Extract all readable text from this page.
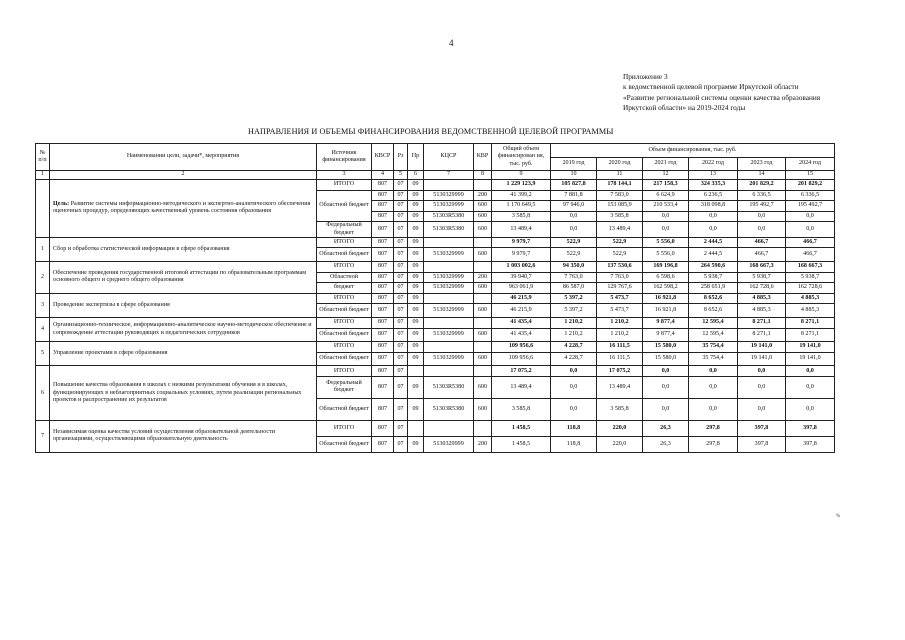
4
Приложение 3
к ведомственной целевой программе Иркутской области «Развитие региональной системы оценки качества образования Иркутской области» на 2019-2024 годы
НАПРАВЛЕНИЯ И ОБЪЕМЫ ФИНАНСИРОВАНИЯ ВЕДОМСТВЕННОЙ ЦЕЛЕВОЙ ПРОГРАММЫ
№ п/п	Наименовании цели, задачи*, мероприятия	Источник финансирования	КВСР	Рз	Пр	КЦСР	КВР	Общий объем финансирован ия, тыс. руб.	Объем финансирования, тыс. руб.					
									2019 год	2020 год	2021 год	2022 год	2023 год	2024 год
1	2	3	4	5	6	7	8	9	10	11	12	13	14	15
	Цель: Развитие системы информационно-методического и экспертно-аналитического обеспечения оценочных процедур, определяющих качественный уровень состояния образования	ИТОГО	807	07	09			1 229 123,9	105 827,8	178 144,1	217 158,3	324 335,3	201 829,2	201 829,2
		Областной бюджет	807	07	09	5130329999	200	41 399,2	7 881,8	7 583,0	6 624,9	6 236,5	6 336,5	6 336,5
			807	07	09	5130329999	600	1 170 649,5	97 946,0	153 085,9	210 533,4	318 098,8	195 492,7	195 492,7
			807	07	09	51303R5380	600	3 585,8	0,0	3 585,8	0,0	0,0	0,0	0,0
		Федеральный бюджет	807	07	09	51303R5380	600	13 489,4	0,0	13 489,4	0,0	0,0	0,0	0,0
1	Сбор и обработка статистической информации в сфере образования	ИТОГО	807	07	09			9 979,7	522,9	522,9	5 556,0	2 444,5	466,7	466,7
		Областной бюджет	807	07	09	5130329999	600	9 979,7	522,9	522,9	5 556,0	2 444,5	466,7	466,7
2	Обеспечение проведения государственной итоговой аттестации по образовательным программам основного общего и среднего общего образования	ИТОГО	807	07	09			1 003 002,6	94 350,0	137 530,6	169 196,8	264 590,6	168 667,3	168 667,3
		Областной	807	07	09	5130329999	200	39 940,7	7 763,0	7 763,0	6 598,6	5 938,7	5 938,7	5 938,7
		бюджет	807	07	09	5130329999	600	963 061,9	86 587,0	129 767,6	162 598,2	258 651,9	162 728,6	162 728,6
3	Проведение экспертизы в сфере образования	ИТОГО	807	07	09			46 215,9	5 397,2	5 473,7	16 921,8	8 652,6	4 885,3	4 885,3
		Областной бюджет	807	07	09	5130329999	600	46 215,9	5 397,2	5 473,7	16 921,8	8 652,6	4 885,3	4 885,3
4	Организационно-техническое, информационно-аналитическое научно-методическое обеспечение и сопровождение аттестации руководящих и педагогических сотрудников	ИТОГО	807	07	09			41 435,4	1 210,2	1 210,2	9 877,4	12 595,4	8 271,1	8 271,1
		Областной бюджет	807	07	09	5130329999	600	41 435,4	1 210,2	1 210,2	9 877,4	12 595,4	8 271,1	8 271,1
5	Управление проектами в сфере образования	ИТОГО	807	07	09			109 956,6	4 228,7	16 111,5	15 580,0	35 754,4	19 141,0	19 141,0
		Областной бюджет	807	07	09	5130329999	600	109 956,6	4 228,7	16 111,5	15 580,0	35 754,4	19 141,0	19 141,0
6	Повышение качества образования в школах с низкими результатами обучения и в школах, функционирующих в неблагоприятных социальных условиях, путем реализации региональных проектов и распространение их результатов	ИТОГО	807	07				17 075,2	0,0	17 075,2	0,0	0,0	0,0	0,0
		Федеральный бюджет	807	07	09	51303R5380	600	13 489,4	0,0	13 489,4	0,0	0,0	0,0	0,0
		Областной бюджет	807	07	09	51303R5380	600	3 585,8	0,0	3 585,8	0,0	0,0	0,0	0,0
7	Независимая оценка качества условий осуществления образовательной деятельности организациями, осуществляющими образовательную деятельность	ИТОГО	807	07				1 458,5	118,8	220,0	26,3	297,8	397,8	397,8
		Областной бюджет	807	07	09	5130329999	200	1 458,5	118,8	220,0	26,3	297,8	397,8	397,8
%
